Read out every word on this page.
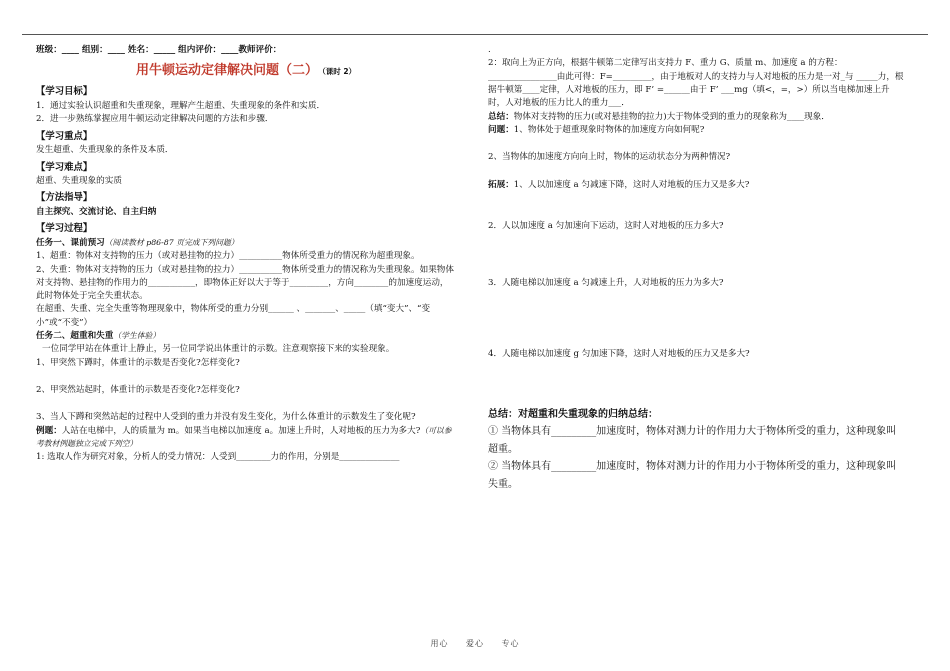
班级：____ 组别：____ 姓名：_____ 组内评价：____教师评价：

用牛顿运动定律解决问题（二） （课时 2）

【学习目标】

1．通过实验认识超重和失重现象，理解产生超重、失重现象的条件和实质．

2．进一步熟练掌握应用牛顿运动定律解决问题的方法和步骤．

【学习重点】

发生超重、失重现象的条件及本质．

【学习难点】

超重、失重现象的实质

【方法指导】

自主探究、交流讨论、自主归纳

【学习过程】

任务一、课前预习（阅读教材 p86-87 页完成下列问题）

1、超重：物体对支持物的压力（或对悬挂物的拉力）__________物体所受重力的情况称为超重现象。

2、失重：物体对支持物的压力（或对悬挂物的拉力）__________物体所受重力的情况称为失重现象。如果物体对支持物、悬挂物的作用力的___________，即物体正好以大于等于_________，方向________的加速度运动，此时物体处于完全失重状态。

在超重、失重、完全失重等物理现象中，物体所受的重力分别______ 、_______、_____（填“变大”、“变小”或“不变”）

任务二、超重和失重（学生体验）

一位同学甲站在体重计上静止，另一位同学说出体重计的示数。注意观察接下来的实验现象。

1、甲突然下蹲时，体重计的示数是否变化?怎样变化?

2、甲突然站起时，体重计的示数是否变化?怎样变化?

3、当人下蹲和突然站起的过程中人受到的重力并没有发生变化，为什么体重计的示数发生了变化呢?

例题：人站在电梯中，人的质量为 m。如果当电梯以加速度 a。加速上升时，人对地板的压力为多大?（可以参考教材例题独立完成下列空）

1: 选取人作为研究对象，分析人的受力情况：人受到________力的作用，分别是______________

.

2：取向上为正方向，根据牛顿第二定律写出支持力 F、重力 G、质量 m、加速度 a 的方程：________________由此可得：F=_________，由于地板对人的支持力与人对地板的压力是一对_与 _____力，根据牛顿第____定律，人对地板的压力，即 F’ =______由于 F’ ___mg（填<，=，>）所以当电梯加速上升时，人对地板的压力比人的重力___．

总结：物体对支持物的压力(或对悬挂物的拉力)大于物体受到的重力的现象称为____现象．

问题：1、物体处于超重现象时物体的加速度方向如何呢?

2、当物体的加速度方向向上时，物体的运动状态分为两种情况?

拓展：1、人以加速度 a 匀减速下降，这时人对地板的压力又是多大?

2．人以加速度 a 匀加速向下运动，这时人对地板的压力多大?

3．人随电梯以加速度 a 匀减速上升，人对地板的压力为多大?

4．人随电梯以加速度 g 匀加速下降，这时人对地板的压力又是多大?

总结：对超重和失重现象的归纳总结：

① 当物体具有_________加速度时，物体对测力计的作用力大于物体所受的重力，这种现象叫超重。

② 当物体具有_________加速度时，物体对测力计的作用力小于物体所受的重力，这种现象叫失重。

用心 爱心 专心
